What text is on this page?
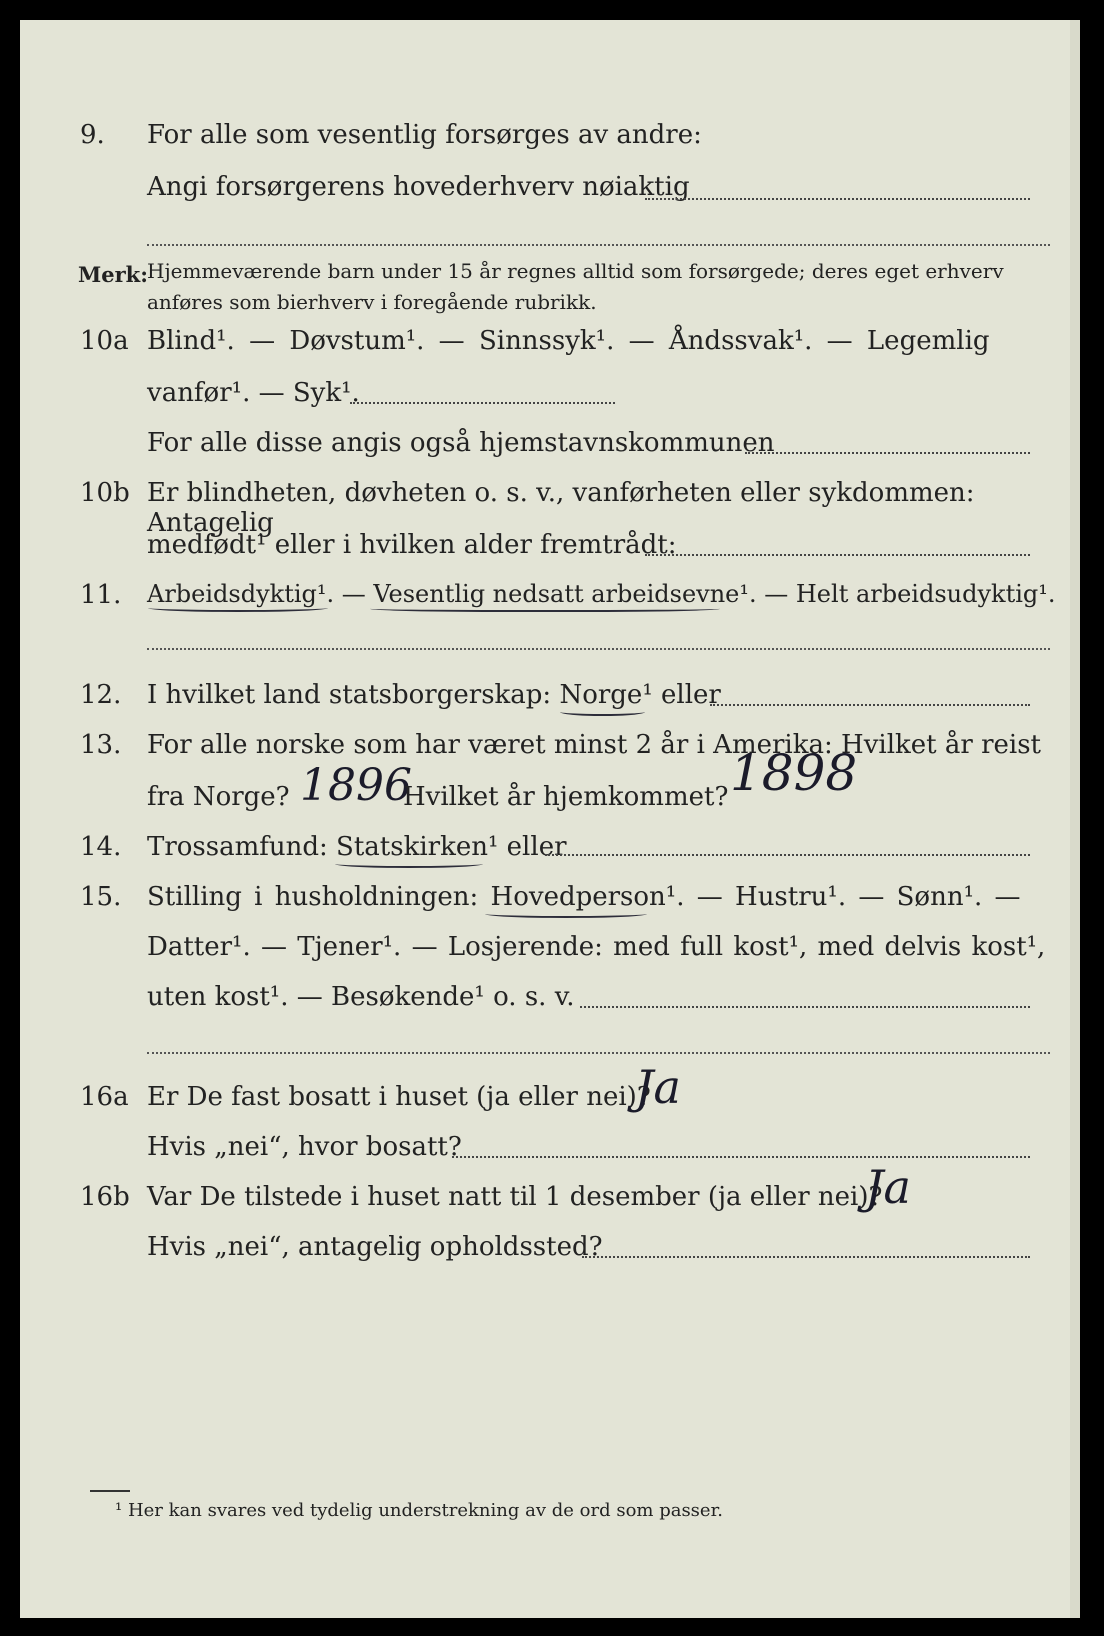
9. For alle som vesentlig forsørges av andre:
Angi forsørgerens hovederhverv nøiaktig
Merk: Hjemmeværende barn under 15 år regnes alltid som forsørgede; deres eget erhverv
anføres som bierhverv i foregående rubrikk.
10a Blind¹. — Døvstum¹. — Sinnssyk¹. — Åndssvak¹. — Legemlig
vanfør¹. — Syk¹.
For alle disse angis også hjemstavnskommunen
10b Er blindheten, døvheten o. s. v., vanførheten eller sykdommen: Antagelig
medfødt¹ eller i hvilken alder fremtrådt:
11. Arbeidsdyktig¹. — Vesentlig nedsatt arbeidsevne¹. — Helt arbeidsudyktig¹.
12. I hvilket land statsborgerskap: Norge¹ eller
13. For alle norske som har været minst 2 år i Amerika: Hvilket år reist
fra Norge? 1896
Hvilket år hjemkommet? 1898
14. Trossamfund: Statskirken¹ eller
15. Stilling i husholdningen: Hovedperson¹. — Hustru¹. — Sønn¹. —
Datter¹. — Tjener¹. — Losjerende: med full kost¹, med delvis kost¹,
uten kost¹. — Besøkende¹ o. s. v.
16a Er De fast bosatt i huset (ja eller nei)?
Ja
Hvis „nei“, hvor bosatt?
16b Var De tilstede i huset natt til 1 desember (ja eller nei)?
Ja
Hvis „nei“, antagelig opholdssted?
¹ Her kan svares ved tydelig understrekning av de ord som passer.
